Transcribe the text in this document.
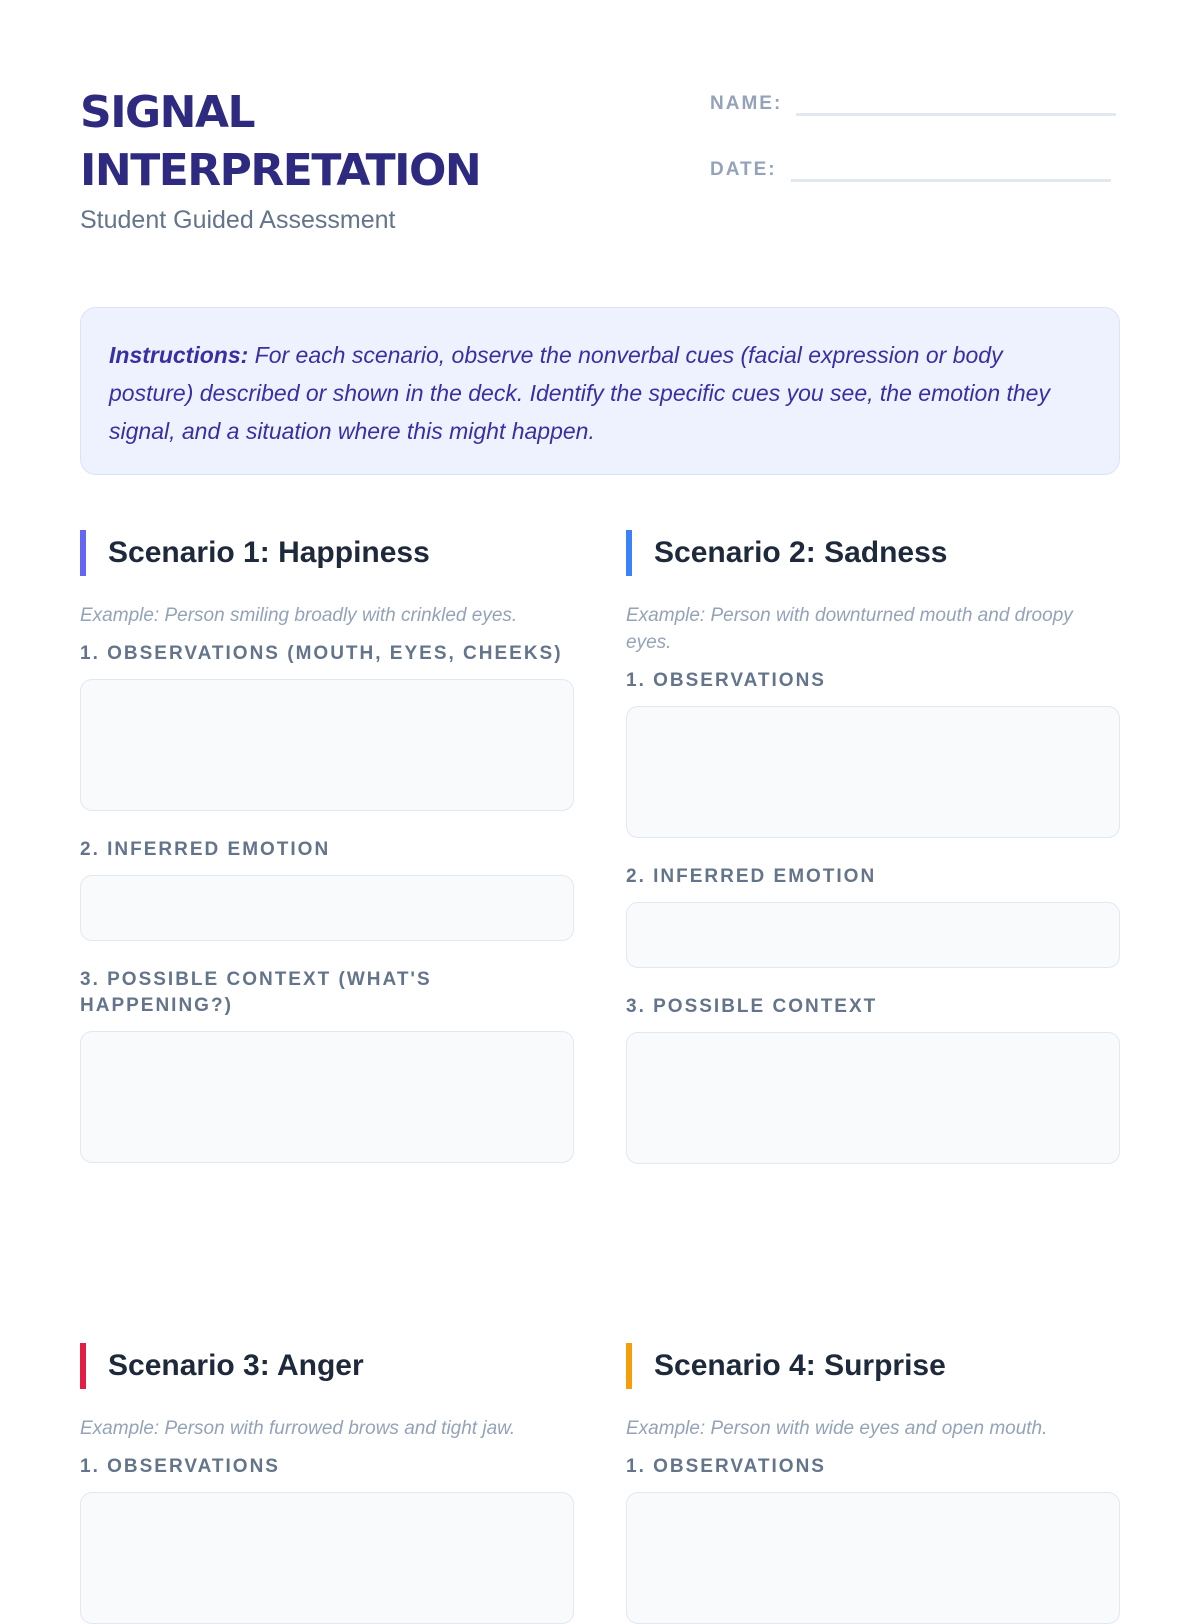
SIGNAL
INTERPRETATION
Student Guided Assessment
NAME:
DATE:
Instructions: For each scenario, observe the nonverbal cues (facial expression or body posture) described or shown in the deck. Identify the specific cues you see, the emotion they signal, and a situation where this might happen.
Scenario 1: Happiness

Example: Person smiling broadly with crinkled eyes.

1. OBSERVATIONS (MOUTH, EYES, CHEEKS)
2. INFERRED EMOTION
3. POSSIBLE CONTEXT (WHAT'S HAPPENING?)
Scenario 2: Sadness

Example: Person with downturned mouth and droopy eyes.

1. OBSERVATIONS
2. INFERRED EMOTION
3. POSSIBLE CONTEXT
Scenario 3: Anger

Example: Person with furrowed brows and tight jaw.

1. OBSERVATIONS
Scenario 4: Surprise

Example: Person with wide eyes and open mouth.

1. OBSERVATIONS
